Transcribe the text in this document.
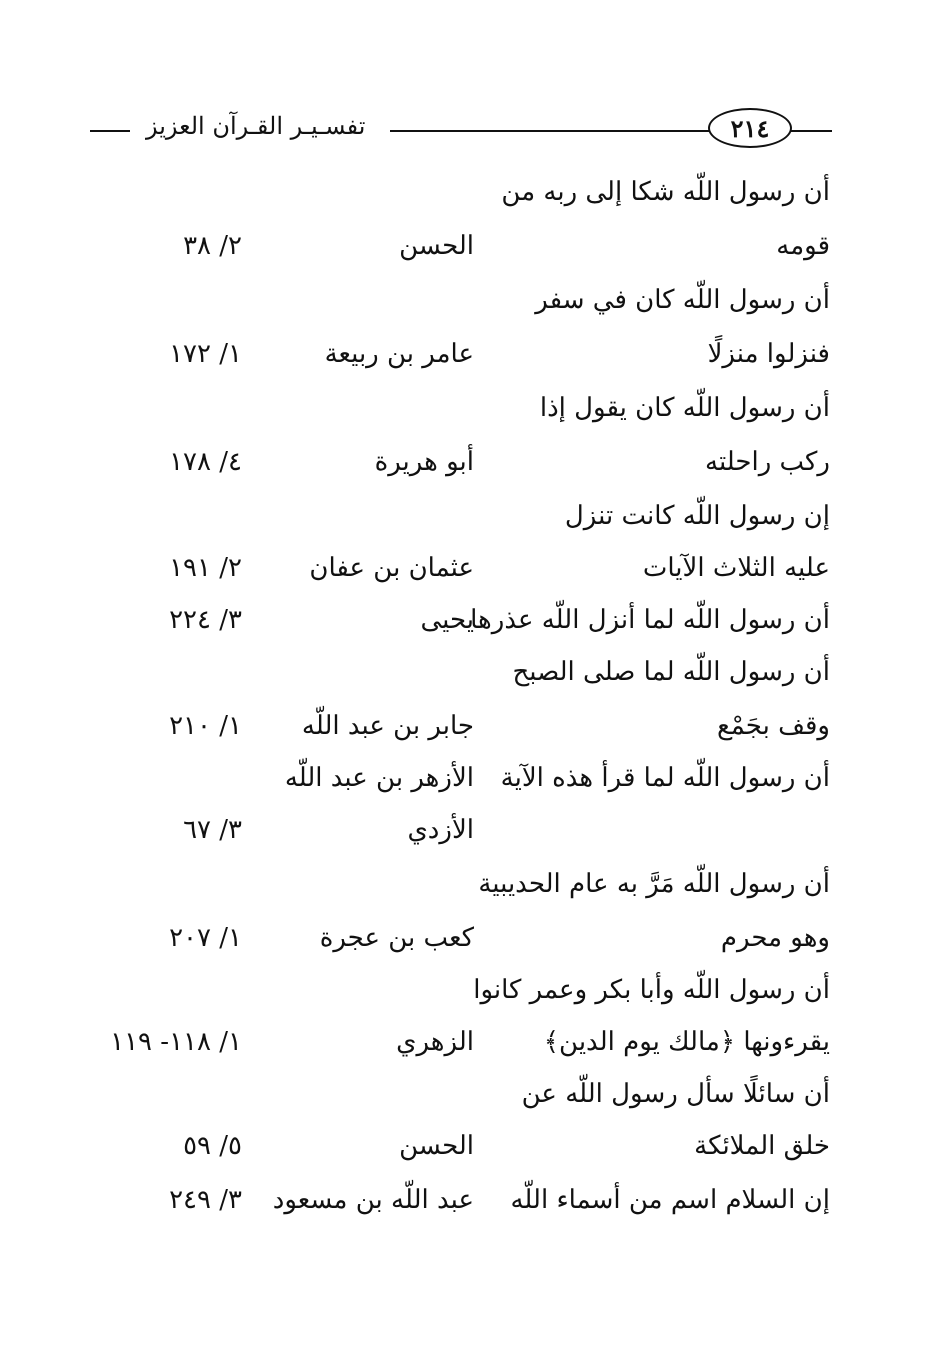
تفسـيـر القـرآن العزيز	٢١٤
أن رسول اللّه شكا إلى ربه من
قومه
الحسن
٢/ ٣٨
أن رسول اللّه كان في سفر
فنزلوا منزلًا
عامر بن ربيعة
١/ ١٧٢
أن رسول اللّه كان يقول إذا
ركب راحلته
أبو هريرة
٤/ ١٧٨
إن رسول اللّه كانت تنزل
عليه الثلاث الآيات
عثمان بن عفان
٢/ ١٩١
أن رسول اللّه لما أنزل اللّه عذرها
يحيى
٣/ ٢٢٤
أن رسول اللّه لما صلى الصبح
وقف بجَمْع
جابر بن عبد اللّه
١/ ٢١٠
أن رسول اللّه لما قرأ هذه الآية
الأزهر بن عبد اللّه
الأزدي
٣/ ٦٧
أن رسول اللّه مَرَّ به عام الحديبية
وهو محرم
كعب بن عجرة
١/ ٢٠٧
أن رسول اللّه وأبا بكر وعمر كانوا
يقرءونها ﴿مالك يوم الدين﴾
الزهري
١/ ١١٨- ١١٩
أن سائلًا سأل رسول اللّه عن
خلق الملائكة
الحسن
٥/ ٥٩
إن السلام اسم من أسماء اللّه
عبد اللّه بن مسعود
٣/ ٢٤٩
